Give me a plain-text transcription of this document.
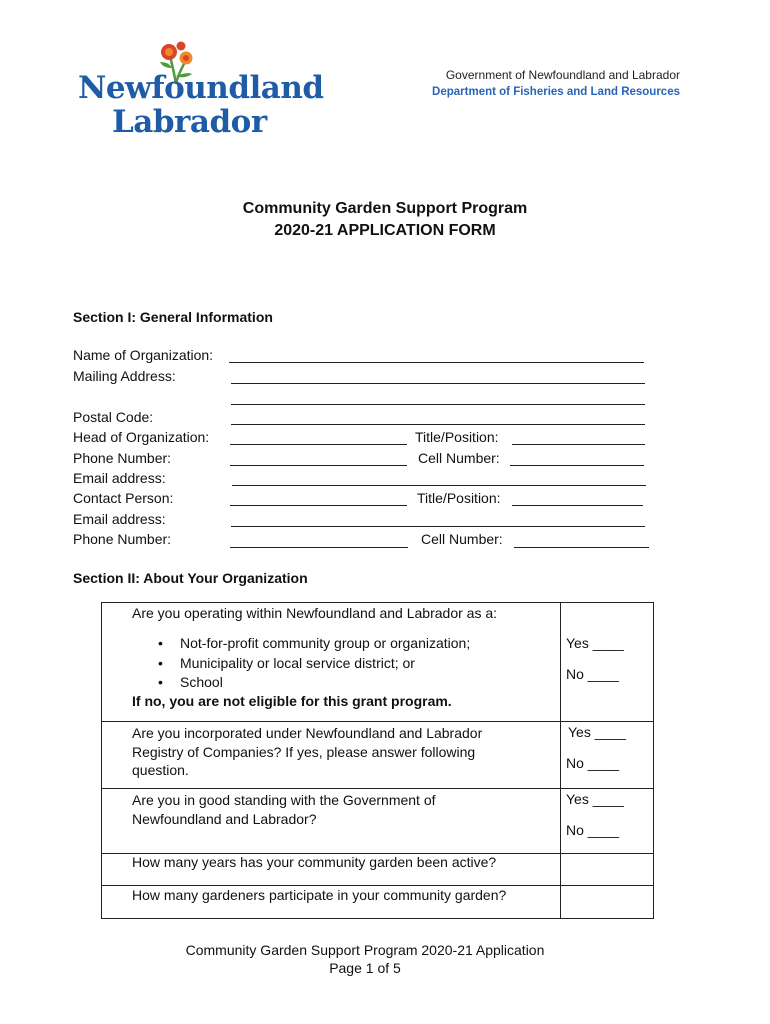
Newfoundland
Labrador
Government of Newfoundland and Labrador
Department of Fisheries and Land Resources
Community Garden Support Program
2020-21 APPLICATION FORM
Section I: General Information
Name of Organization:
Mailing Address:
Postal Code:
Head of Organization:	Title/Position:
Phone Number:	Cell Number:
Email address:
Contact Person:	Title/Position:
Email address:
Phone Number:	Cell Number:
Section II: About Your Organization
Are you operating within Newfoundland and Labrador as a:
• Not-for-profit community group or organization;
• Municipality or local service district; or
• School
If no, you are not eligible for this grant program.
Yes ____
No ____
Are you incorporated under Newfoundland and Labrador Registry of Companies? If yes, please answer following question.
Yes ____
No ____
Are you in good standing with the Government of Newfoundland and Labrador?
Yes ____
No ____
How many years has your community garden been active?
How many gardeners participate in your community garden?
Community Garden Support Program 2020-21 Application
Page 1 of 5
